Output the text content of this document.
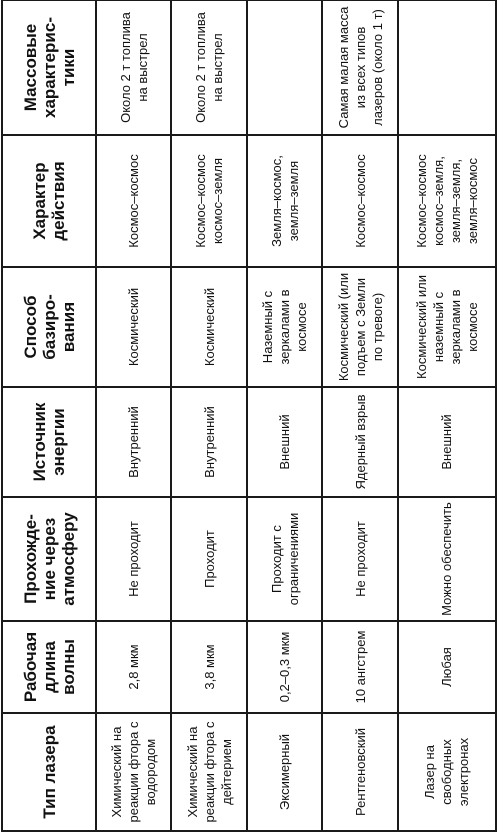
Тип лазера	Рабочая длина волны	Прохожде-ние через атмосферу	Источник энергии	Способ базиро-вания	Характер действия	Массовые характерис-тики
Химический на реакции фтора с водородом	2,8 мкм	Не проходит	Внутренний	Космический	Космос–космос	Около 2 т топлива на выстрел
Химический на реакции фтора с дейтерием	3,8 мкм	Проходит	Внутренний	Космический	Космос–космос космос–земля	Около 2 т топлива на выстрел
Эксимерный	0,2–0,3 мкм	Проходит с ограничениями	Внешний	Наземный с зеркалами в космосе	Земля–космос, земля–земля	
Рентгеновский	10 ангстрем	Не проходит	Ядерный взрыв	Космический (или подъем с Земли по тревоге)	Космос–космос	Самая малая масса из всех типов лазеров (около 1 т)
Лазер на свободных электронах	Любая	Можно обеспечить	Внешний	Космический или наземный с зеркалами в космосе	Космос–космос космос–земля, земля–земля, земля–космос	
